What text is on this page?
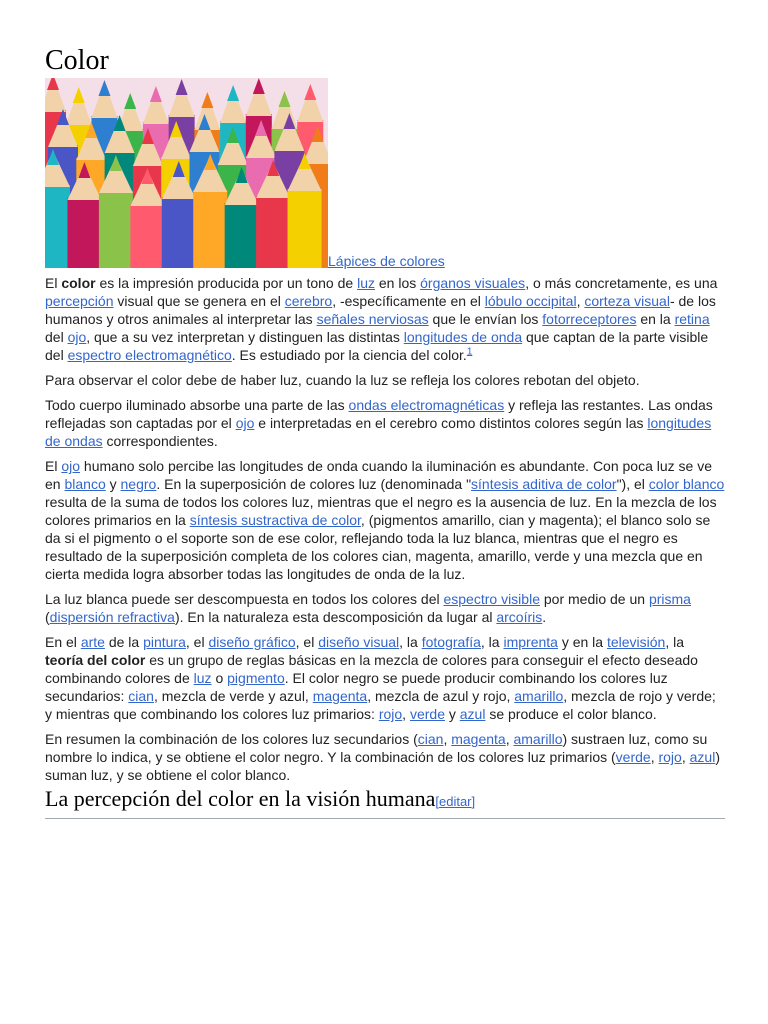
Color
Lápices de colores

El color es la impresión producida por un tono de luz en los órganos visuales, o más concretamente, es una percepción visual que se genera en el cerebro, -específicamente en el lóbulo occipital, corteza visual- de los humanos y otros animales al interpretar las señales nerviosas que le envían los fotorreceptores en la retina del ojo, que a su vez interpretan y distinguen las distintas longitudes de onda que captan de la parte visible del espectro electromagnético. Es estudiado por la ciencia del color.$^1$

Para observar el color debe de haber luz, cuando la luz se refleja los colores rebotan del objeto.

Todo cuerpo iluminado absorbe una parte de las ondas electromagnéticas y refleja las restantes. Las ondas reflejadas son captadas por el ojo e interpretadas en el cerebro como distintos colores según las longitudes de ondas correspondientes.

El ojo humano solo percibe las longitudes de onda cuando la iluminación es abundante. Con poca luz se ve en blanco y negro. En la superposición de colores luz (denominada "síntesis aditiva de color"), el color blanco resulta de la suma de todos los colores luz, mientras que el negro es la ausencia de luz. En la mezcla de los colores primarios en la síntesis sustractiva de color, (pigmentos amarillo, cian y magenta); el blanco solo se da si el pigmento o el soporte son de ese color, reflejando toda la luz blanca, mientras que el negro es resultado de la superposición completa de los colores cian, magenta, amarillo, verde y una mezcla que en cierta medida logra absorber todas las longitudes de onda de la luz.

La luz blanca puede ser descompuesta en todos los colores del espectro visible por medio de un prisma (dispersión refractiva). En la naturaleza esta descomposición da lugar al arcoíris.

En el arte de la pintura, el diseño gráfico, el diseño visual, la fotografía, la imprenta y en la televisión, la teoría del color es un grupo de reglas básicas en la mezcla de colores para conseguir el efecto deseado combinando colores de luz o pigmento. El color negro se puede producir combinando los colores luz secundarios: cian, mezcla de verde y azul, magenta, mezcla de azul y rojo, amarillo, mezcla de rojo y verde; y mientras que combinando los colores luz primarios: rojo, verde y azul se produce el color blanco.

En resumen la combinación de los colores luz secundarios (cian, magenta, amarillo) sustraen luz, como su nombre lo indica, y se obtiene el color negro. Y la combinación de los colores luz primarios (verde, rojo, azul) suman luz, y se obtiene el color blanco.

La percepción del color en la visión humana[editar]
